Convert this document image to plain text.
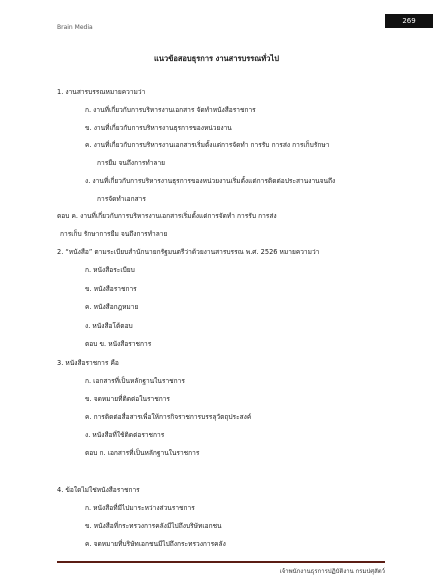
Brain Media
269
แนวข้อสอบธุรการ งานสารบรรณทั่วไป
1. งานสารบรรณหมายความว่า
ก. งานที่เกี่ยวกับการบริหารงานเอกสาร จัดทำหนังสือราชการ
ข. งานที่เกี่ยวกับการบริหารงานธุรการของหน่วยงาน
ค. งานที่เกี่ยวกับการบริหารงานเอกสารเริ่มตั้งแต่การจัดทำ การรับ การส่ง การเก็บรักษา
การยืม จนถึงการทำลาย
ง. งานที่เกี่ยวกับการบริหารงานธุรการของหน่วยงานเริ่มตั้งแต่การติดต่อประสานงานจนถึง
การจัดทำเอกสาร
ตอบ ค. งานที่เกี่ยวกับการบริหารงานเอกสารเริ่มตั้งแต่การจัดทำ การรับ การส่ง
การเก็บ รักษาการยืม จนถึงการทำลาย
2. “หนังสือ” ตามระเบียบสำนักนายกรัฐมนตรีว่าด้วยงานสารบรรณ พ.ศ. 2526 หมายความว่า
ก. หนังสือระเบียบ
ข. หนังสือราชการ
ค. หนังสือกฎหมาย
ง. หนังสือโต้ตอบ
ตอบ ข. หนังสือราชการ
3. หนังสือราชการ คือ
ก. เอกสารที่เป็นหลักฐานในราชการ
ข. จดหมายที่ติดต่อในราชการ
ค. การติดต่อสื่อสารเพื่อให้การกิจราชการบรรลุวัตถุประสงค์
ง. หนังสือที่ใช้ติดต่อราชการ
ตอบ ก. เอกสารที่เป็นหลักฐานในราชการ
4. ข้อใดไม่ใช่หนังสือราชการ
ก. หนังสือที่มีไปมาระหว่างส่วนราชการ
ข. หนังสือที่กระทรวงการคลังมีไปถึงบริษัทเอกชน
ค. จดหมายที่บริษัทเอกชนมีไปถึงกระทรวงการคลัง
เจ้าพนักงานธุรการปฏิบัติงาน กรมปศุสัตว์
